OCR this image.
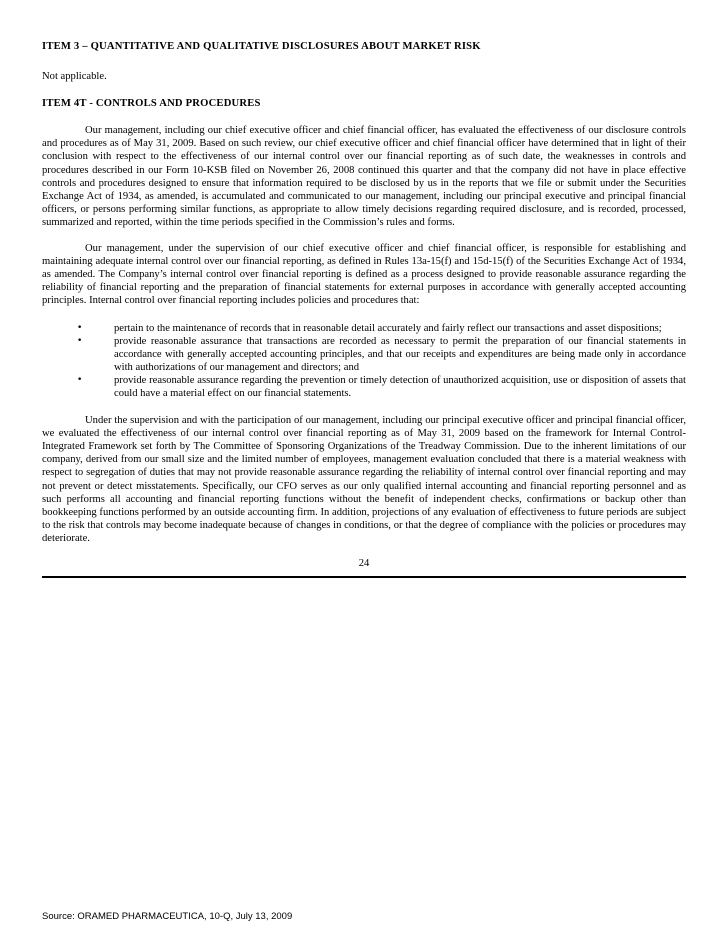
ITEM 3 – QUANTITATIVE AND QUALITATIVE DISCLOSURES ABOUT MARKET RISK

Not applicable.

ITEM 4T - CONTROLS AND PROCEDURES

Our management, including our chief executive officer and chief financial officer, has evaluated the effectiveness of our disclosure controls and procedures as of May 31, 2009. Based on such review, our chief executive officer and chief financial officer have determined that in light of their conclusion with respect to the effectiveness of our internal control over our financial reporting as of such date, the weaknesses in controls and procedures described in our Form 10-KSB filed on November 26, 2008 continued this quarter and that the company did not have in place effective controls and procedures designed to ensure that information required to be disclosed by us in the reports that we file or submit under the Securities Exchange Act of 1934, as amended, is accumulated and communicated to our management, including our principal executive and principal financial officers, or persons performing similar functions, as appropriate to allow timely decisions regarding required disclosure, and is recorded, processed, summarized and reported, within the time periods specified in the Commission’s rules and forms.

Our management, under the supervision of our chief executive officer and chief financial officer, is responsible for establishing and maintaining adequate internal control over our financial reporting, as defined in Rules 13a-15(f) and 15d-15(f) of the Securities Exchange Act of 1934, as amended. The Company’s internal control over financial reporting is defined as a process designed to provide reasonable assurance regarding the reliability of financial reporting and the preparation of financial statements for external purposes in accordance with generally accepted accounting principles. Internal control over financial reporting includes policies and procedures that:

•	pertain to the maintenance of records that in reasonable detail accurately and fairly reflect our transactions and asset dispositions;
•	provide reasonable assurance that transactions are recorded as necessary to permit the preparation of our financial statements in accordance with generally accepted accounting principles, and that our receipts and expenditures are being made only in accordance with authorizations of our management and directors; and
•	provide reasonable assurance regarding the prevention or timely detection of unauthorized acquisition, use or disposition of assets that could have a material effect on our financial statements.

Under the supervision and with the participation of our management, including our principal executive officer and principal financial officer, we evaluated the effectiveness of our internal control over financial reporting as of May 31, 2009 based on the framework for Internal Control-Integrated Framework set forth by The Committee of Sponsoring Organizations of the Treadway Commission. Due to the inherent limitations of our company, derived from our small size and the limited number of employees, management evaluation concluded that there is a material weakness with respect to segregation of duties that may not provide reasonable assurance regarding the reliability of internal control over financial reporting and may not prevent or detect misstatements. Specifically, our CFO serves as our only qualified internal accounting and financial reporting personnel and as such performs all accounting and financial reporting functions without the benefit of independent checks, confirmations or backup other than bookkeeping functions performed by an outside accounting firm. In addition, projections of any evaluation of effectiveness to future periods are subject to the risk that controls may become inadequate because of changes in conditions, or that the degree of compliance with the policies or procedures may deteriorate.

24
Source: ORAMED PHARMACEUTICA, 10-Q, July 13, 2009
